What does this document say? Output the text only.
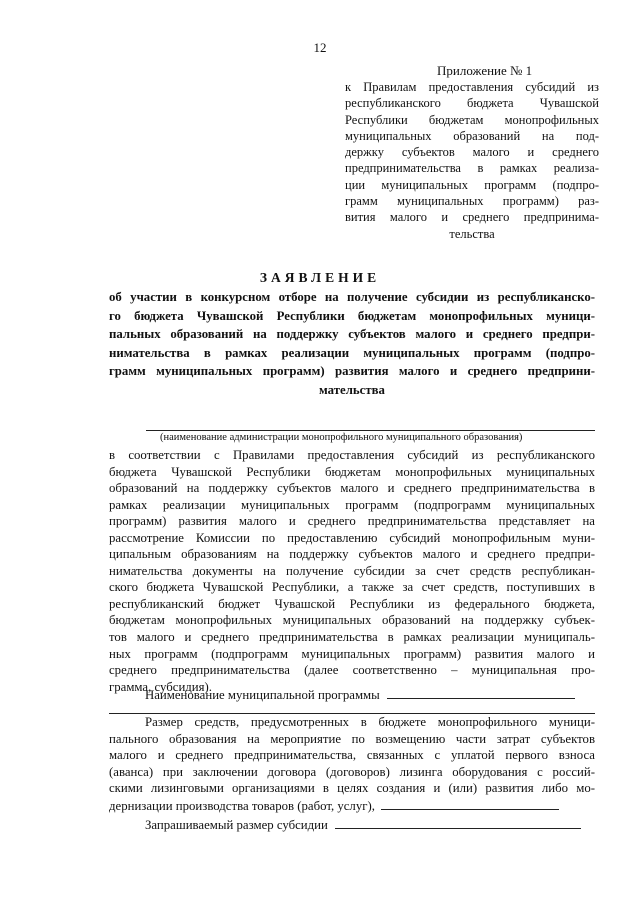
12
Приложение № 1
к Правилам предоставления субсидий из
республиканского бюджета Чувашской
Республики бюджетам монопрофильных
муниципальных образований на под-
держку субъектов малого и среднего
предпринимательства в рамках реализа-
ции муниципальных программ (подпро-
грамм муниципальных программ) раз-
вития малого и среднего предпринима-
тельства
ЗАЯВЛЕНИЕ
об участии в конкурсном отборе на получение субсидии из республиканско-
го бюджета Чувашской Республики бюджетам монопрофильных муници-
пальных образований на поддержку субъектов малого и среднего предпри-
нимательства в рамках реализации муниципальных программ (подпро-
грамм муниципальных программ) развития малого и среднего предприни-
мательства
(наименование администрации монопрофильного муниципального образования)
в соответствии с Правилами предоставления субсидий из республиканского
бюджета Чувашской Республики бюджетам монопрофильных муниципальных
образований на поддержку субъектов малого и среднего предпринимательства в
рамках реализации муниципальных программ (подпрограмм муниципальных
программ) развития малого и среднего предпринимательства представляет на
рассмотрение Комиссии по предоставлению субсидий монопрофильным муни-
ципальным образованиям на поддержку субъектов малого и среднего предпри-
нимательства документы на получение субсидии за счет средств республикан-
ского бюджета Чувашской Республики, а также за счет средств, поступивших в
республиканский бюджет Чувашской Республики из федерального бюджета,
бюджетам монопрофильных муниципальных образований на поддержку субъек-
тов малого и среднего предпринимательства в рамках реализации муниципаль-
ных программ (подпрограмм муниципальных программ) развития малого и
среднего предпринимательства (далее соответственно – муниципальная про-
грамма, субсидия).
Наименование муниципальной программы
Размер средств, предусмотренных в бюджете монопрофильного муници-
пального образования на мероприятие по возмещению части затрат субъектов
малого и среднего предпринимательства, связанных с уплатой первого взноса
(аванса) при заключении договора (договоров) лизинга оборудования с россий-
скими лизинговыми организациями в целях создания и (или) развития либо мо-
дернизации производства товаров (работ, услуг),
Запрашиваемый размер субсидии
